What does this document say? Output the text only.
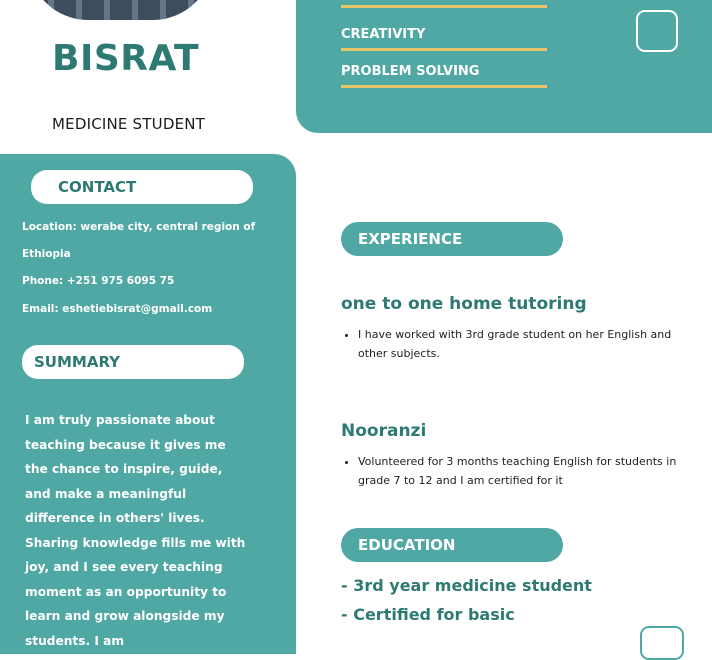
BISRAT
MEDICINE STUDENT
CREATIVITY
PROBLEM SOLVING
CONTACT
Location: werabe city, central region of
Ethiopia
Phone: +251 975 6095 75
Email: eshetiebisrat@gmail.com
SUMMARY
I am truly passionate about teaching because it gives me the chance to inspire, guide, and make a meaningful difference in others' lives. Sharing knowledge fills me with joy, and I see every teaching moment as an opportunity to learn and grow alongside my students. I am
EXPERIENCE
one to one home tutoring
• I have worked with 3rd grade student on her English and other subjects.
Nooranzi
• Volunteered for 3 months teaching English for students in grade 7 to 12 and I am certified for it
EDUCATION
- 3rd year medicine student
- Certified for basic
